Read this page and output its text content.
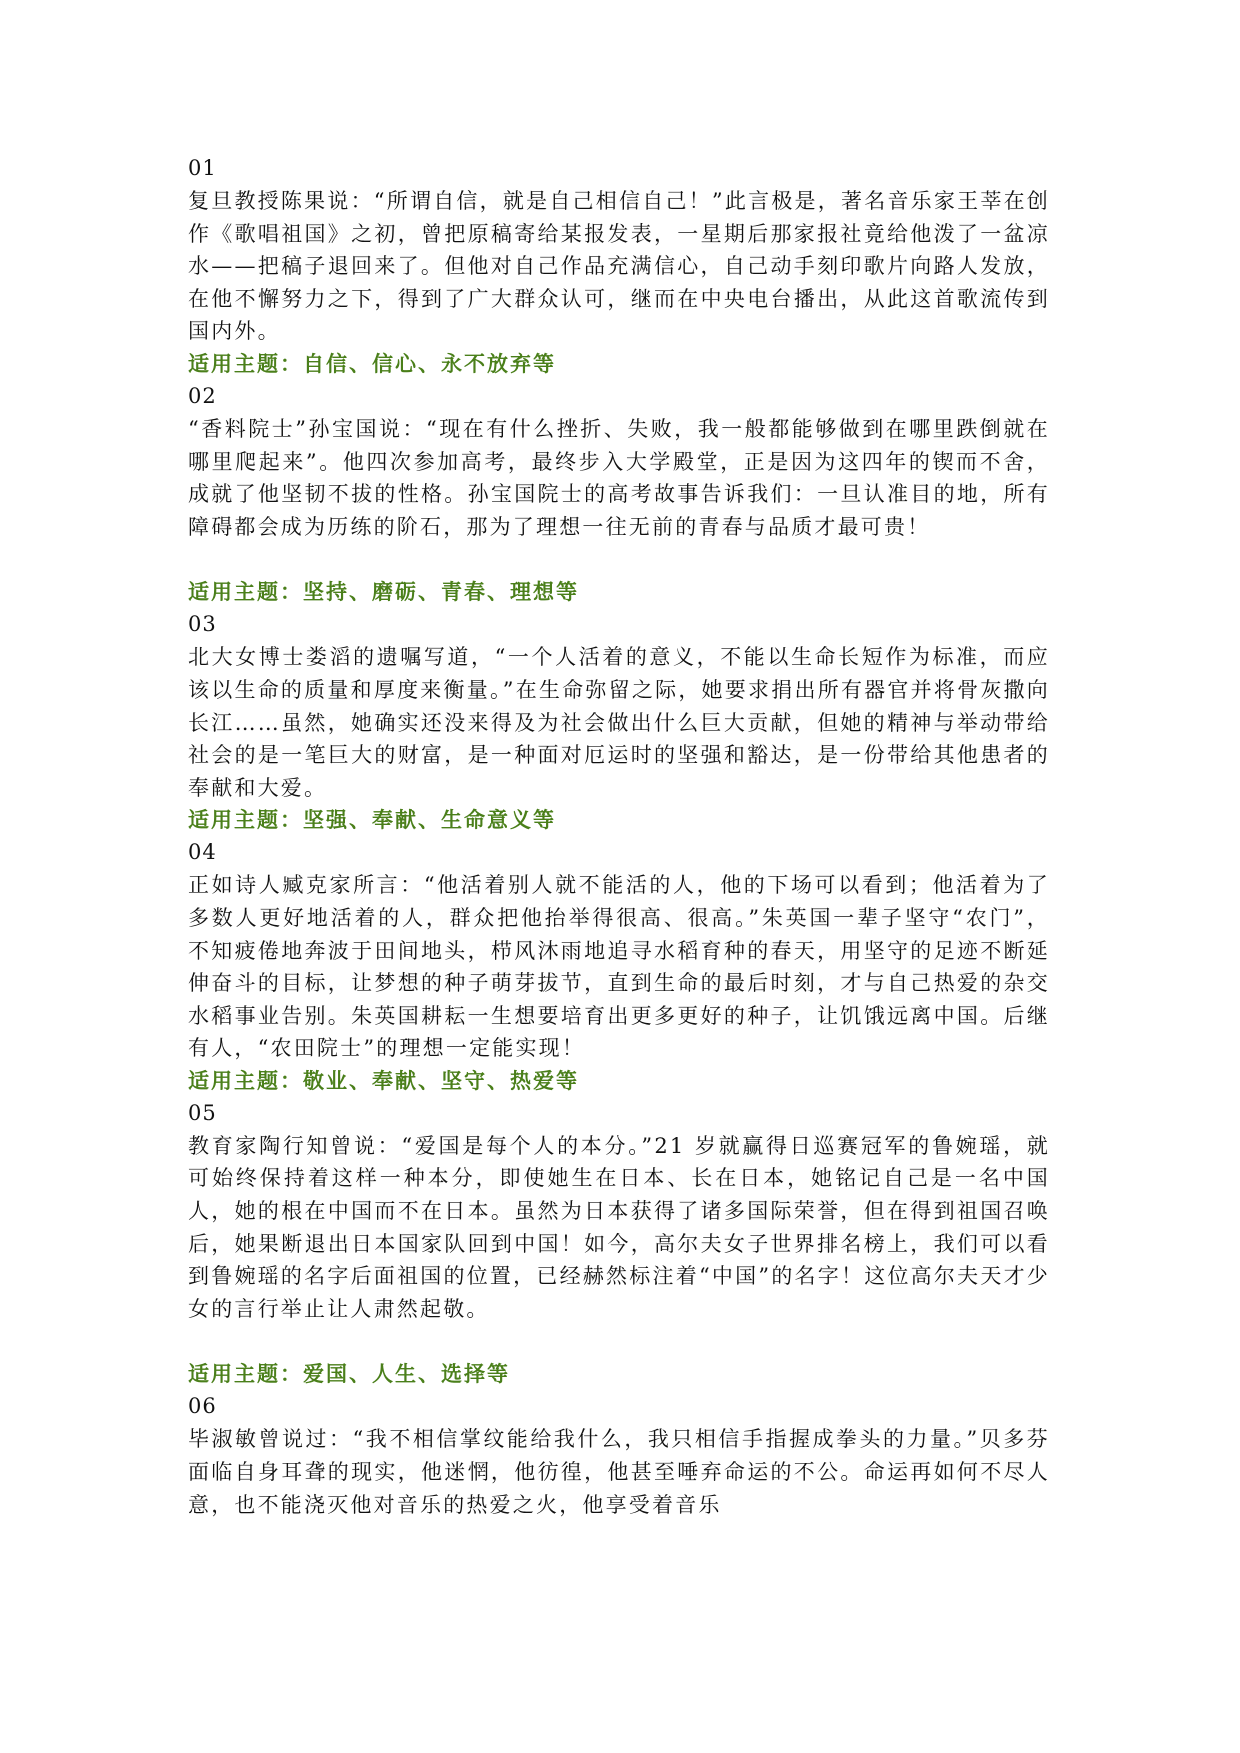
01

复旦教授陈果说：“所谓自信，就是自己相信自己！”此言极是，著名音乐家王莘在创作《歌唱祖国》之初，曾把原稿寄给某报发表，一星期后那家报社竟给他泼了一盆凉水——把稿子退回来了。但他对自己作品充满信心，自己动手刻印歌片向路人发放，在他不懈努力之下，得到了广大群众认可，继而在中央电台播出，从此这首歌流传到国内外。

适用主题：自信、信心、永不放弃等

02

“香料院士”孙宝国说：“现在有什么挫折、失败，我一般都能够做到在哪里跌倒就在哪里爬起来”。他四次参加高考，最终步入大学殿堂，正是因为这四年的锲而不舍，成就了他坚韧不拔的性格。孙宝国院士的高考故事告诉我们：一旦认准目的地，所有障碍都会成为历练的阶石，那为了理想一往无前的青春与品质才最可贵！

适用主题：坚持、磨砺、青春、理想等

03

北大女博士娄滔的遗嘱写道，“一个人活着的意义，不能以生命长短作为标准，而应该以生命的质量和厚度来衡量。”在生命弥留之际，她要求捐出所有器官并将骨灰撒向长江……虽然，她确实还没来得及为社会做出什么巨大贡献，但她的精神与举动带给社会的是一笔巨大的财富，是一种面对厄运时的坚强和豁达，是一份带给其他患者的奉献和大爱。

适用主题：坚强、奉献、生命意义等

04

正如诗人臧克家所言：“他活着别人就不能活的人，他的下场可以看到；他活着为了多数人更好地活着的人，群众把他抬举得很高、很高。”朱英国一辈子坚守“农门”，不知疲倦地奔波于田间地头，栉风沐雨地追寻水稻育种的春天，用坚守的足迹不断延伸奋斗的目标，让梦想的种子萌芽拔节，直到生命的最后时刻，才与自己热爱的杂交水稻事业告别。朱英国耕耘一生想要培育出更多更好的种子，让饥饿远离中国。后继有人，“农田院士”的理想一定能实现！

适用主题：敬业、奉献、坚守、热爱等

05

教育家陶行知曾说：“爱国是每个人的本分。”21 岁就赢得日巡赛冠军的鲁婉瑶，就可始终保持着这样一种本分，即使她生在日本、长在日本，她铭记自己是一名中国人，她的根在中国而不在日本。虽然为日本获得了诸多国际荣誉，但在得到祖国召唤后，她果断退出日本国家队回到中国！如今，高尔夫女子世界排名榜上，我们可以看到鲁婉瑶的名字后面祖国的位置，已经赫然标注着“中国”的名字！这位高尔夫天才少女的言行举止让人肃然起敬。

适用主题：爱国、人生、选择等

06

毕淑敏曾说过：“我不相信掌纹能给我什么，我只相信手指握成拳头的力量。”贝多芬面临自身耳聋的现实，他迷惘，他彷徨，他甚至唾弃命运的不公。命运再如何不尽人意，也不能浇灭他对音乐的热爱之火，他享受着音乐
